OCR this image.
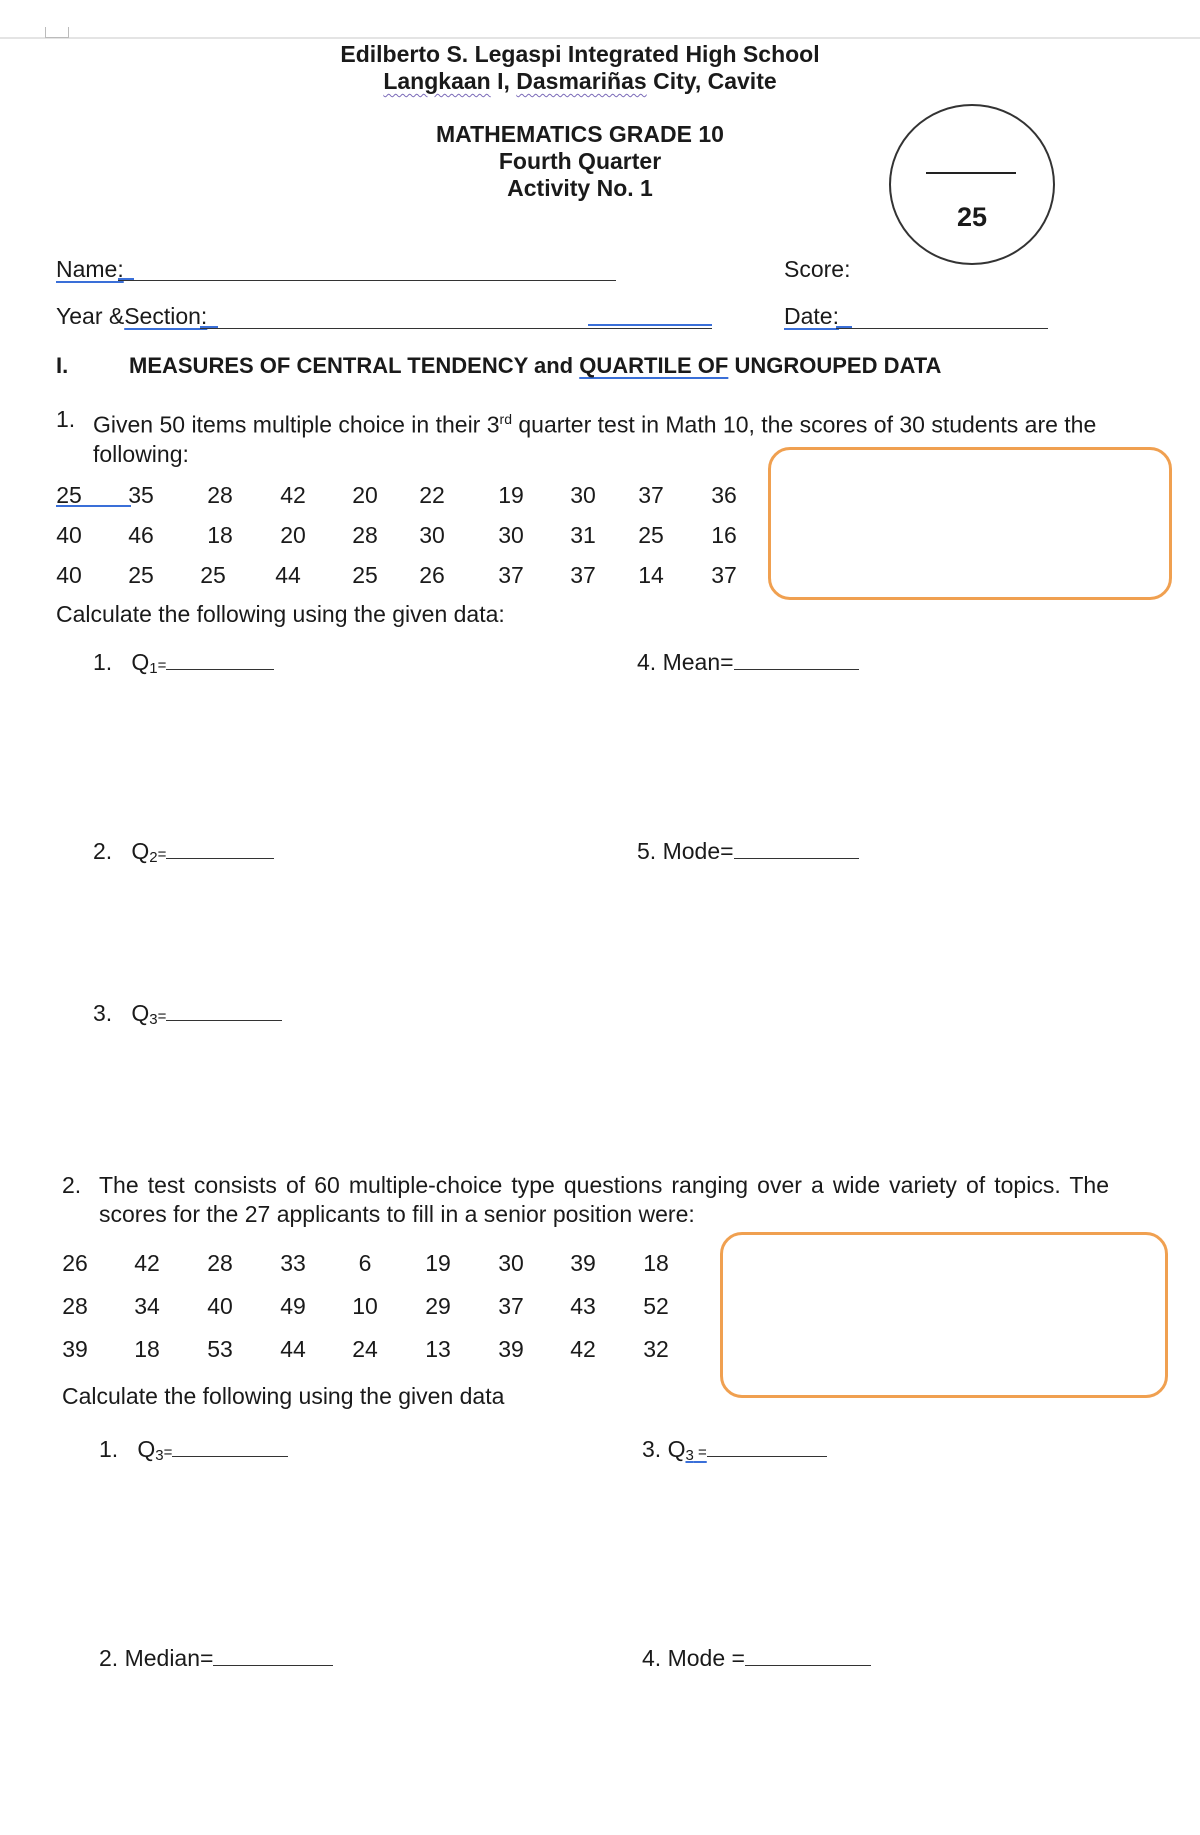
Edilberto S. Legaspi Integrated High School
Langkaan I, Dasmariñas City, Cavite
MATHEMATICS GRADE 10
Fourth Quarter
Activity No. 1
25
Name:	Score:
Year &Section:	Date:
I.	MEASURES OF CENTRAL TENDENCY and QUARTILE OF UNGROUPED DATA
1. Given 50 items multiple choice in their 3rd quarter test in Math 10, the scores of 30 students are the
following:
25	35	28	42	20	22	19	30	37	36
40	46	18	20	28	30	30	31	25	16
40	25	25	44	25	26	37	37	14	37
Calculate the following using the given data:
1. $Q_1=$	4. Mean=
2. $Q_2=$	5. Mode=
3. $Q_3=$
2. The test consists of 60 multiple-choice type questions ranging over a wide variety of topics. The
scores for the 27 applicants to fill in a senior position were:
26	42	28	33	6	19	30	39	18
28	34	40	49	10	29	37	43	52
39	18	53	44	24	13	39	42	32
Calculate the following using the given data
1. $Q_3=$	3. $Q_3$ =
2. Median=	4. Mode =
